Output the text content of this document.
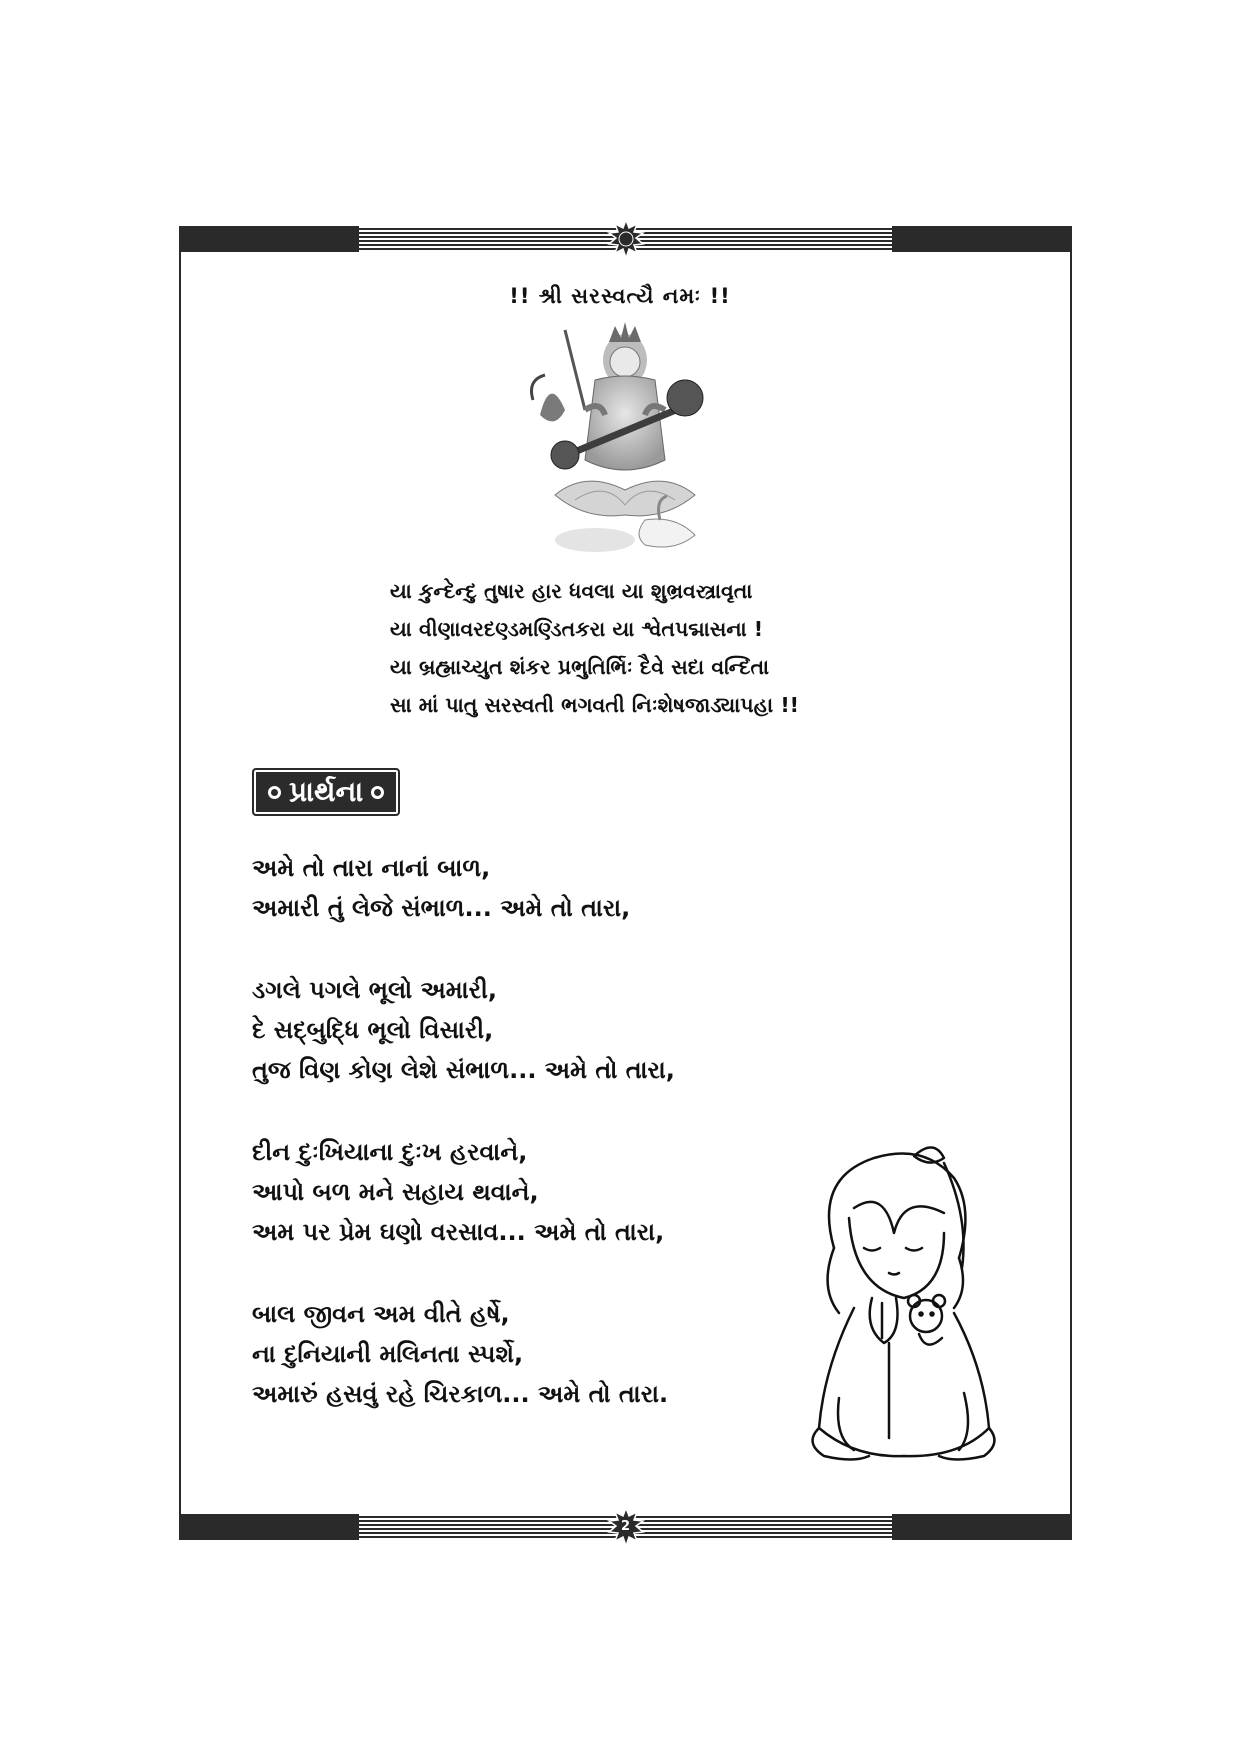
!! શ્રી સરસ્વત્યૈ નમઃ !!
યા કુન્દેન્દુ તુષાર હાર ધવલા યા શુભ્રવસ્ત્રાવૃતા
યા વીણાવરદણ્ડમણ્ડિતકરા યા શ્વેતપદ્માસના !
યા બ્રહ્માચ્યુત શંકર પ્રભુતિર્ભિઃ દૈવે સદા વન્દિતા
સા માં પાતુ સરસ્વતી ભગવતી નિઃશેષજાડ્યાપહા !!
પ્રાર્થના
અમે તો તારા નાનાં બાળ,
અમારી તું લેજે સંભાળ... અમે તો તારા,
ડગલે પગલે ભૂલો અમારી,
દે સદ્‌બુદ્ધિ ભૂલો વિસારી,
તુજ વિણ કોણ લેશે સંભાળ... અમે તો તારા,
દીન દુઃખિયાના દુઃખ હરવાને,
આપો બળ મને સહાય થવાને,
અમ પર પ્રેમ ઘણો વરસાવ... અમે તો તારા,
બાલ જીવન અમ વીતે હર્ષે,
ના દુનિયાની મલિનતા સ્પર્શે,
અમારું હસવું રહે ચિરકાળ... અમે તો તારા.
2
